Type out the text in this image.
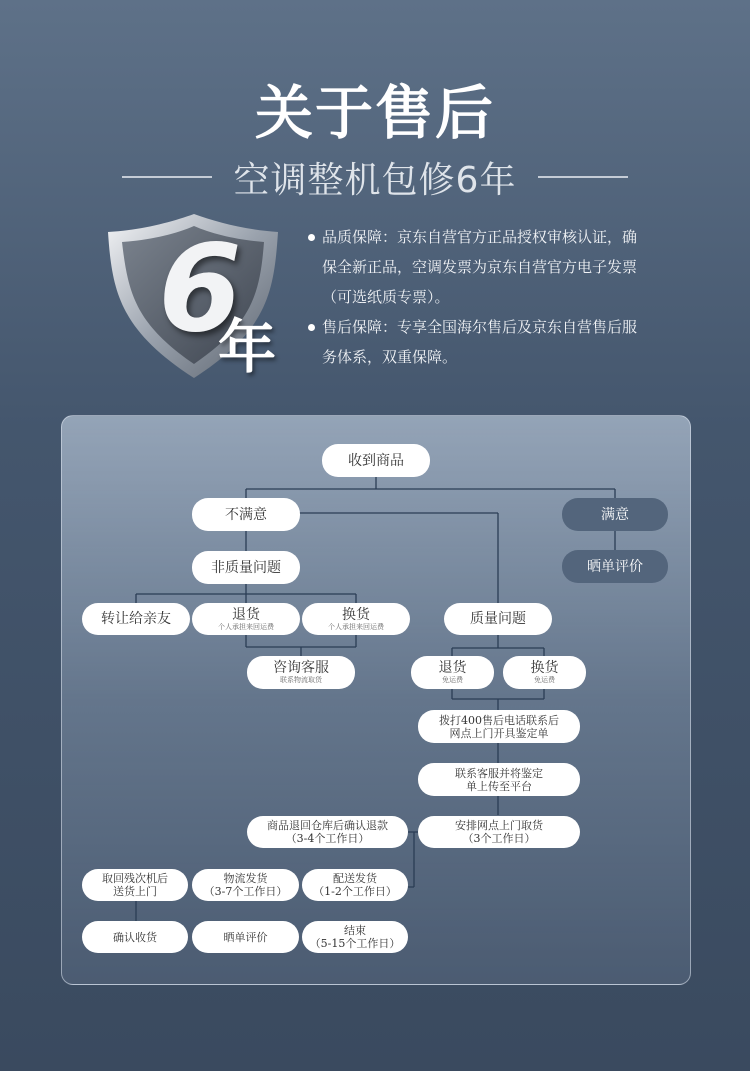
关于售后
空调整机包修6年
6
年
品质保障：京东自营官方正品授权审核认证，确
保全新正品，空调发票为京东自营官方电子发票
（可选纸质专票）。
售后保障：专享全国海尔售后及京东自营售后服
务体系，双重保障。
收到商品
不满意	满意
晒单评价
非质量问题
转让给亲友	退货
个人承担来回运费
换货
个人承担来回运费
咨询客服
联系物流取货
质量问题
退货
免运费
换货
免运费
拨打400售后电话联系后
网点上门开具鉴定单
联系客服并将鉴定
单上传至平台
安排网点上门取货
（3个工作日）
商品退回仓库后确认退款
（3-4个工作日）
取回残次机后
送货上门
物流发货
（3-7个工作日）
配送发货
（1-2个工作日）
确认收货	晒单评价	结束
（5-15个工作日）
